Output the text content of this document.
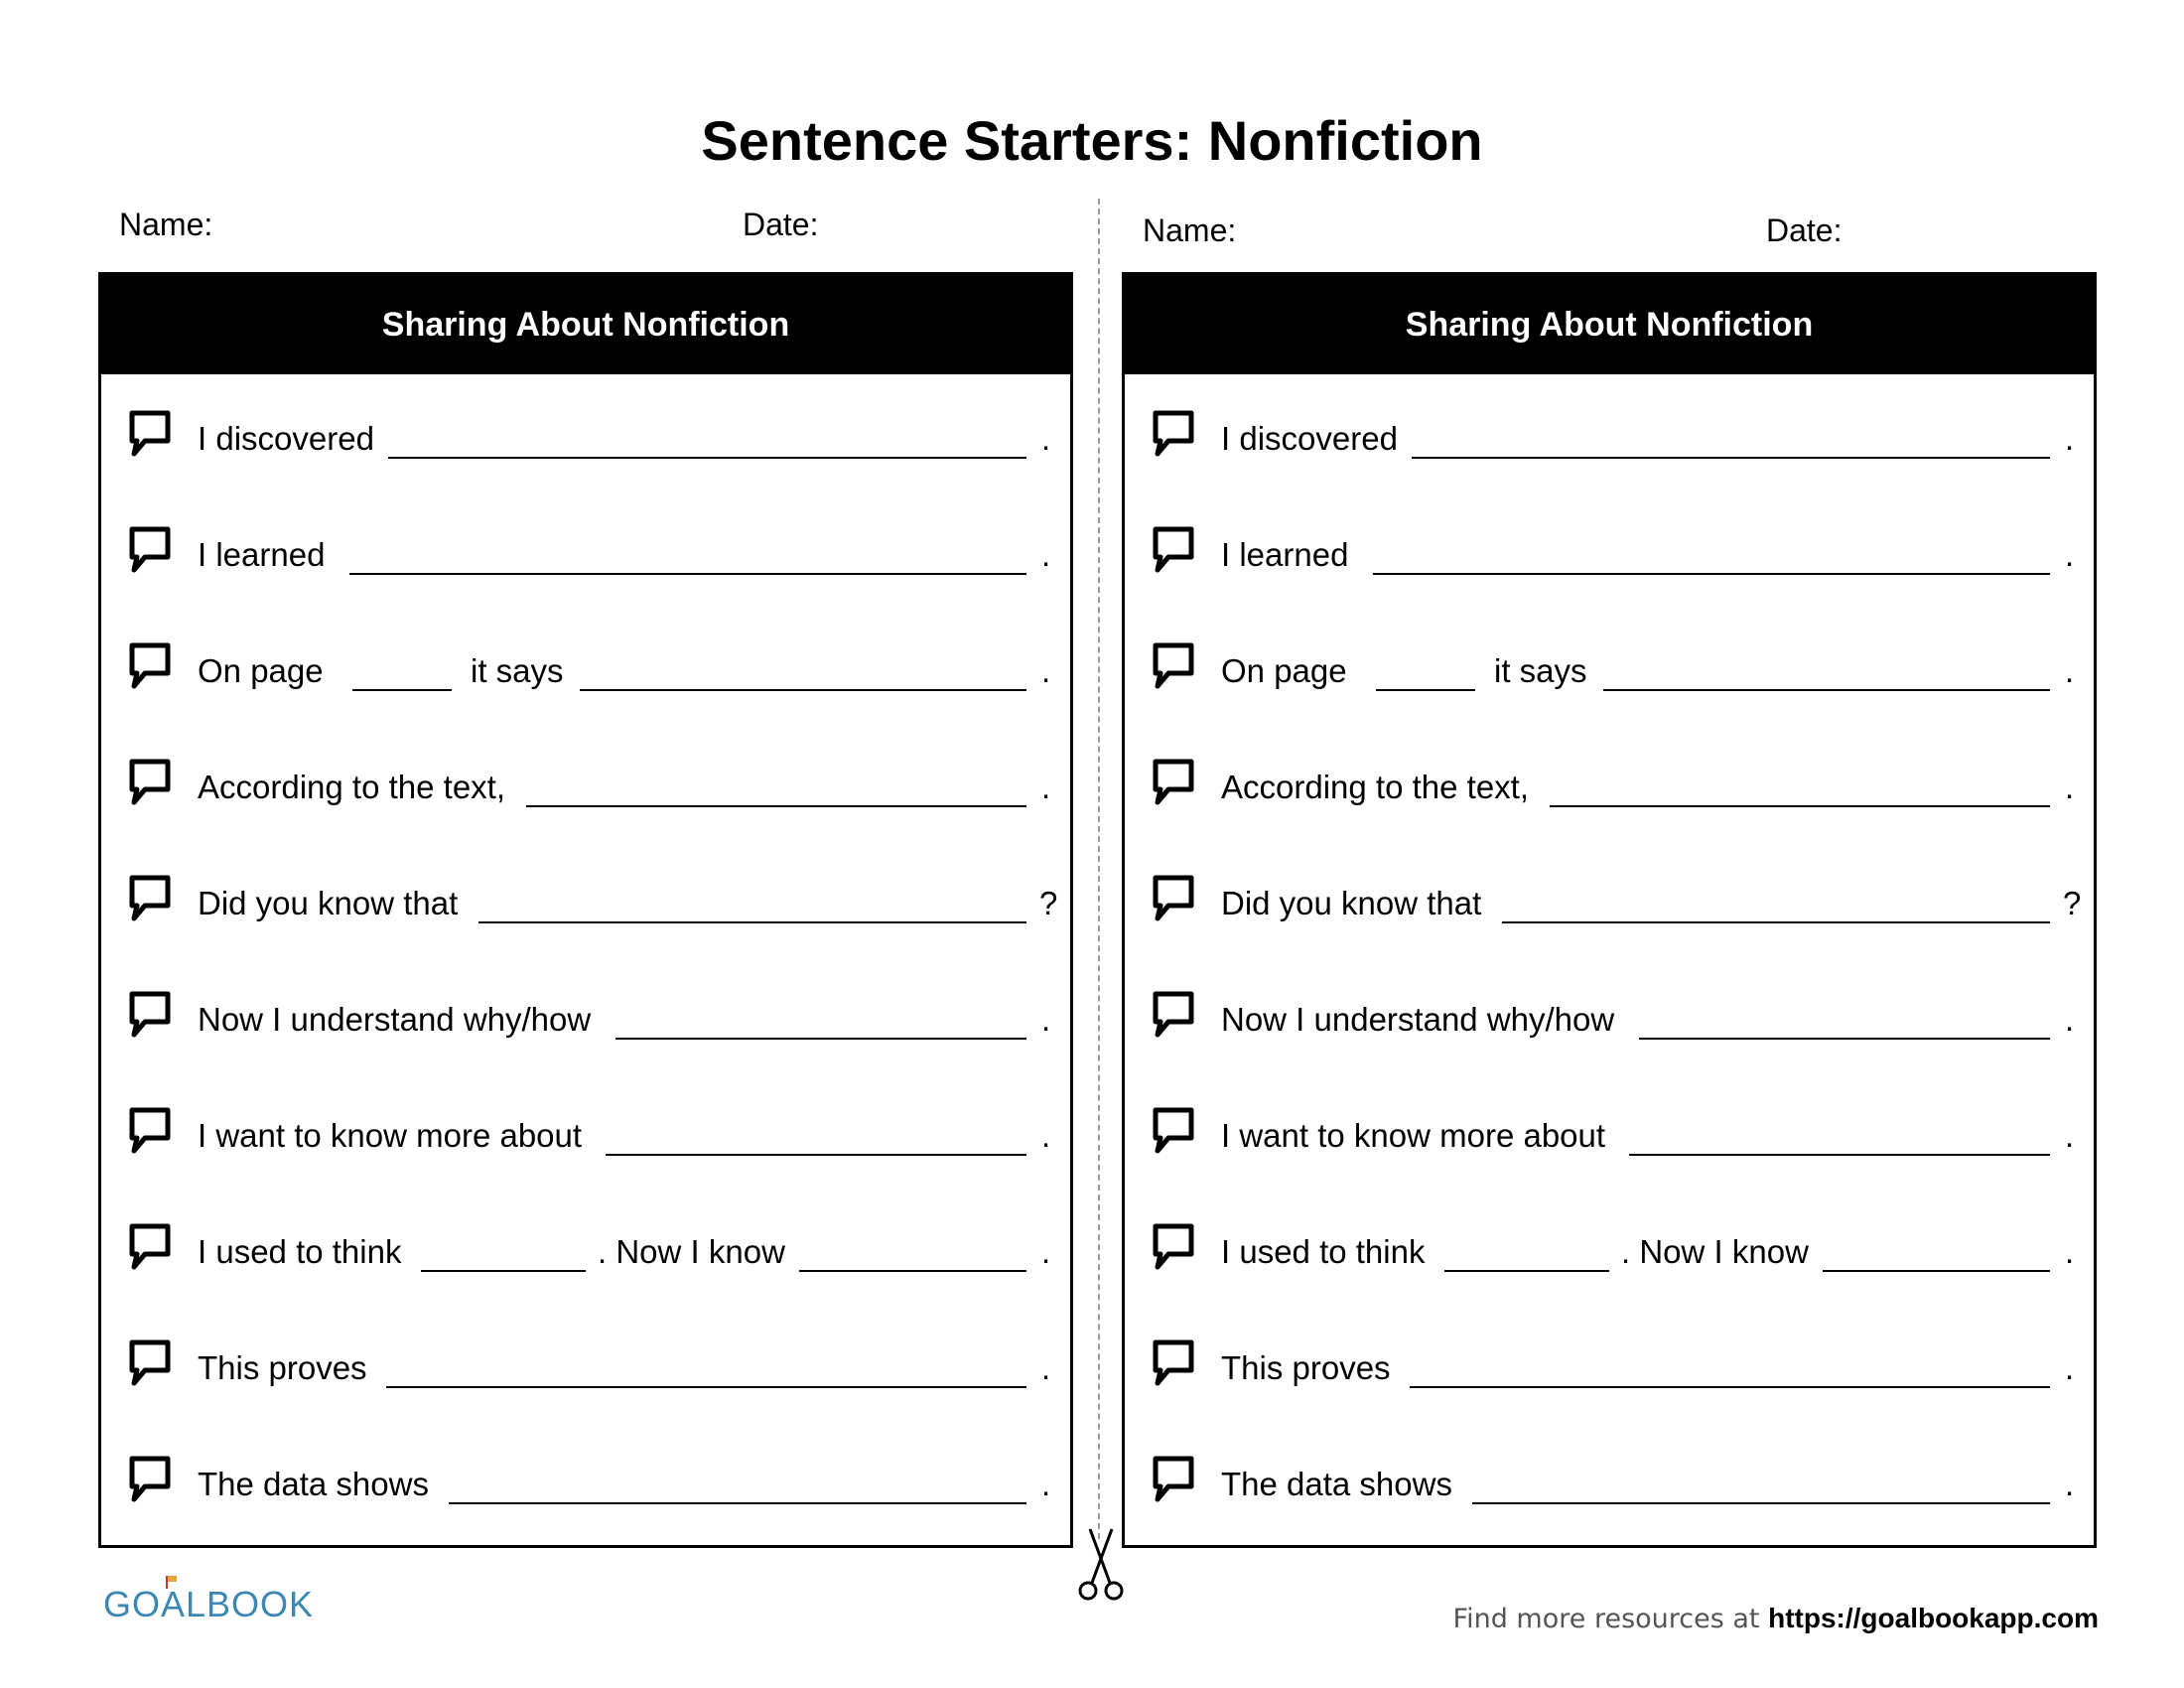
Sentence Starters: Nonfiction
Name:	Date:	Name:	Date:
Sharing About Nonfiction
I discovered	.
I learned	.
On page	it says	.
According to the text,	.
Did you know that	?
Now I understand why/how	.
I want to know more about	.
I used to think	. Now I know	.
This proves	.
The data shows	.
Sharing About Nonfiction
I discovered	.
I learned	.
On page	it says	.
According to the text,	.
Did you know that	?
Now I understand why/how	.
I want to know more about	.
I used to think	. Now I know	.
This proves	.
The data shows	.
GOALBOOK	Find more resources at https://goalbookapp.com
